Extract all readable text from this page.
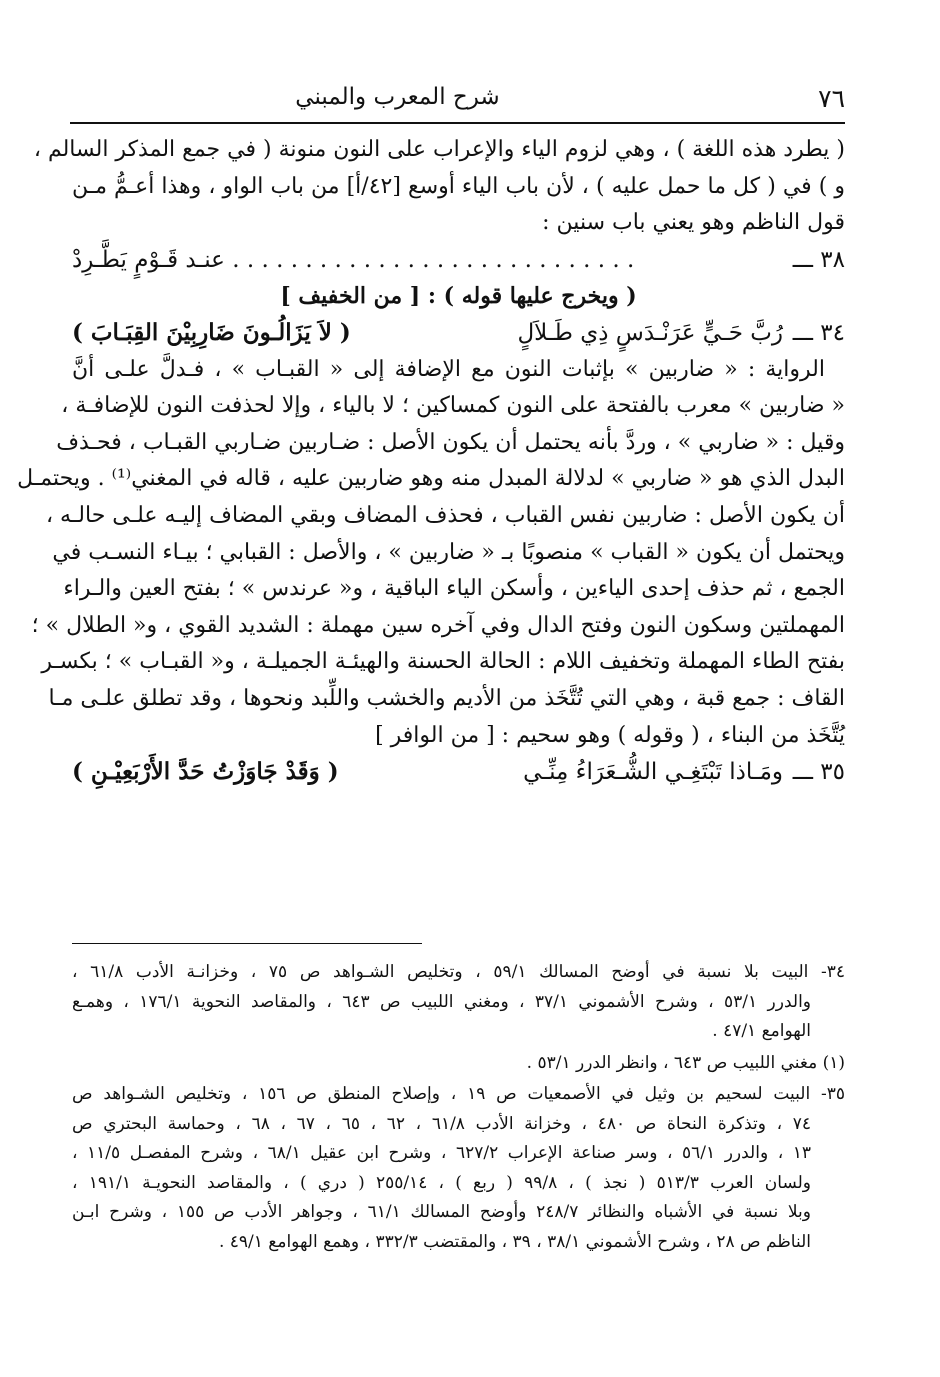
٧٦
شرح المعرب والمبني
( يطرد هذه اللغة ) ، وهي لزوم الياء والإعراب على النون منونة ( في جمع المذكر السالم ،
و ) في ( كل ما حمل عليه ) ، لأن باب الياء أوسع [٤٢/أ] من باب الواو ، وهذا أعـمُّ مـن
قول الناظم وهو يعني باب سنين :
٣٨ ـــ
. . . . . . . . . . . . . . . . . . . . . . . . . . . . عنـد قَـوْمٍ يَطَّـرِدْ
( ويخرج عليها قوله ) : [ من الخفيف ]
٣٤ ـــ
رُبَّ حَـيٍّ عَرَنْـدَسٍ ذِي طَـلاَلٍ
( لاَ يَزَالُـونَ ضَارِبِيْنَ القِبَـابَ )
الرواية : « ضاربين » بإثبات النون مع الإضافة إلى « القبـاب » ، فـدلَّ علـى أنَّ
« ضاربين » معرب بالفتحة على النون كمساكين ؛ لا بالياء ، وإلا لحذفت النون للإضافـة ،
وقيل : « ضاربي » ، وردَّ بأنه يحتمل أن يكون الأصل : ضـاربين ضـاربي القبـاب ، فحـذف
البدل الذي هو « ضاربي » لدلالة المبدل منه وهو ضاربين عليه ، قاله في المغني⁽¹⁾ . ويحتمـل
أن يكون الأصل : ضاربين نفس القباب ، فحذف المضاف وبقي المضاف إليـه علـى حالـه ،
ويحتمل أن يكون « القباب » منصوبًا بـ « ضاربين » ، والأصل : القبابي ؛ بيـاء النسـب في
الجمع ، ثم حذف إحدى الياءين ، وأسكن الياء الباقية ، و« عرندس » ؛ بفتح العين والـراء
المهملتين وسكون النون وفتح الدال وفي آخره سين مهملة : الشديد القوي ، و« الطلال » ؛
بفتح الطاء المهملة وتخفيف اللام : الحالة الحسنة والهيئـة الجميلـة ، و« القبـاب » ؛ بكسـر
القاف : جمع قبة ، وهي التي تُتَّخَذ من الأديم والخشب واللِّبد ونحوها ، وقد تطلق علـى مـا
يُتَّخَذ من البناء ، ( وقوله ) وهو سحيم : [ من الوافر ]
٣٥ ـــ
ومَـاذا تَبْتَغِـي الشُّـعَرَاءُ مِنِّـي
( وَقَدْ جَاوَزْتُ حَدَّ الأَرْبَعِيْـنِ )
٣٤- البيت بلا نسبة في أوضح المسالك ٥٩/١ ، وتخليص الشـواهد ص ٧٥ ، وخزانـة الأدب ٦١/٨ ،
والدرر ٥٣/١ ، وشرح الأشموني ٣٧/١ ، ومغني اللبيب ص ٦٤٣ ، والمقاصد النحوية ١٧٦/١ ، وهمـع
الهوامع ٤٧/١ .
(١) مغني اللبيب ص ٦٤٣ ، وانظر الدرر ٥٣/١ .
٣٥- البيت لسحيم بن وثيل في الأصمعيات ص ١٩ ، وإصلاح المنطق ص ١٥٦ ، وتخليص الشـواهد ص
٧٤ ، وتذكرة النحاة ص ٤٨٠ ، وخزانة الأدب ٦١/٨ ، ٦٢ ، ٦٥ ، ٦٧ ، ٦٨ ، وحماسة البحتري ص
١٣ ، والدرر ٥٦/١ ، وسر صناعة الإعراب ٦٢٧/٢ ، وشرح ابن عقيل ٦٨/١ ، وشرح المفصـل ١١/٥ ،
ولسان العرب ٥١٣/٣ ( نجذ ) ، ٩٩/٨ ( ربع ) ، ٢٥٥/١٤ ( دري ) ، والمقاصد النحويـة ١٩١/١ ،
وبلا نسبة في الأشباه والنظائر ٢٤٨/٧ وأوضح المسالك ٦١/١ ، وجواهر الأدب ص ١٥٥ ، وشرح ابـن
الناظم ص ٢٨ ، وشرح الأشموني ٣٨/١ ، ٣٩ ، والمقتضب ٣٣٢/٣ ، وهمع الهوامع ٤٩/١ .
